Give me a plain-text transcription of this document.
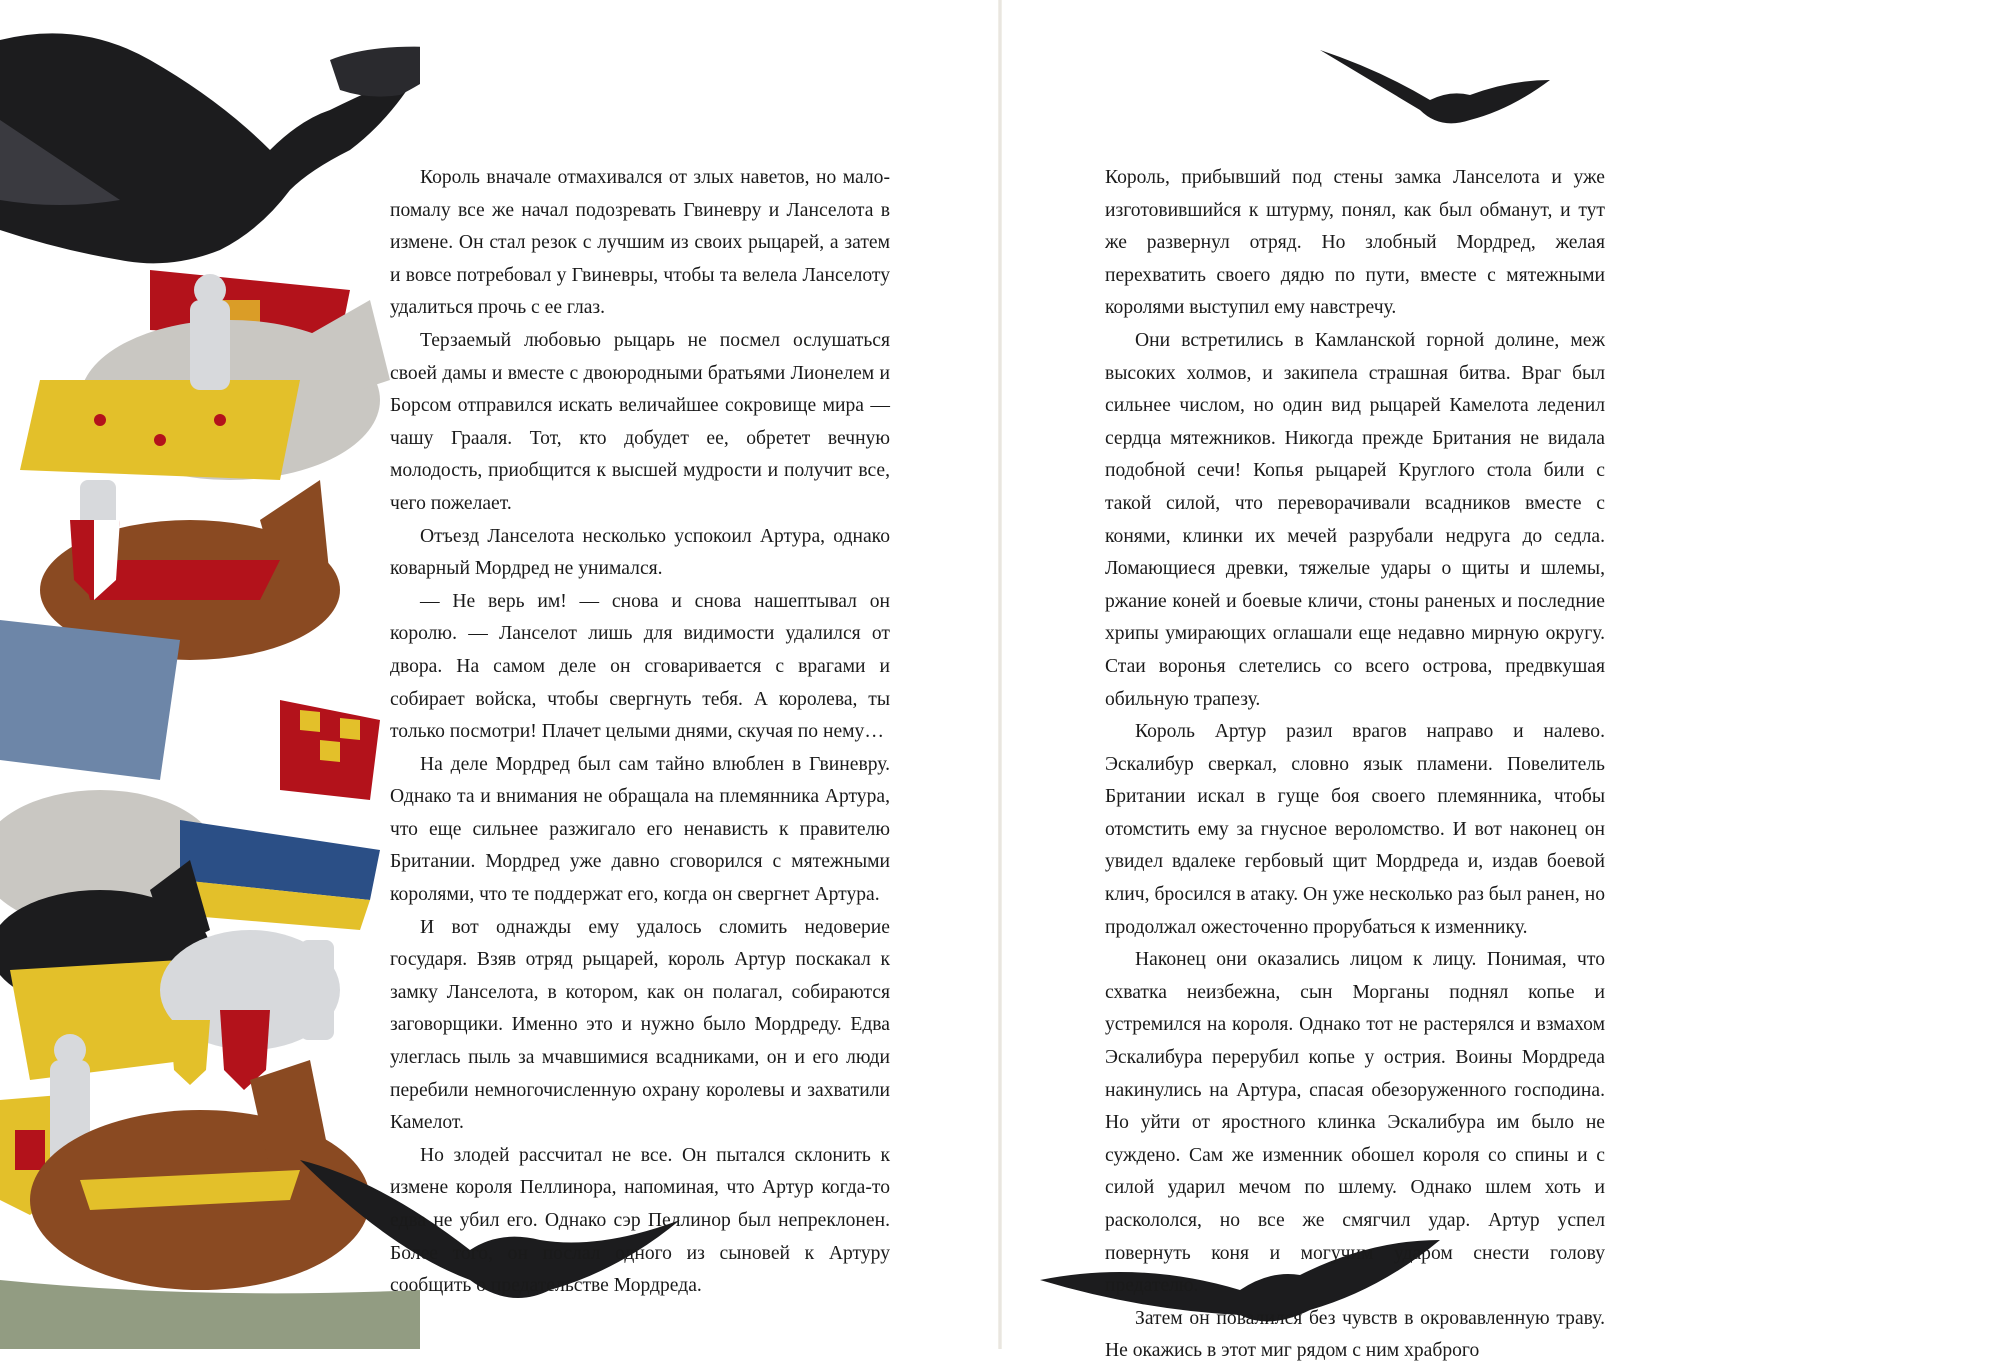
Король вначале отмахивался от злых наветов, но мало-помалу все же начал подозревать Гвиневру и Ланселота в измене. Он стал резок с лучшим из своих рыцарей, а затем и вовсе потребовал у Гвиневры, чтобы та велела Ланселоту удалиться прочь с ее глаз.

Терзаемый любовью рыцарь не посмел ослушаться своей дамы и вместе с двоюродными братьями Лионелем и Борсом отправился искать величайшее сокровище мира — чашу Грааля. Тот, кто добудет ее, обретет вечную молодость, приобщится к высшей мудрости и получит все, чего пожелает.

Отъезд Ланселота несколько успокоил Артура, однако коварный Мордред не унимался.

— Не верь им! — снова и снова нашептывал он королю. — Ланселот лишь для видимости удалился от двора. На самом деле он сговаривается с врагами и собирает войска, чтобы свергнуть тебя. А королева, ты только посмотри! Плачет целыми днями, скучая по нему…

На деле Мордред был сам тайно влюблен в Гвиневру. Однако та и внимания не обращала на племянника Артура, что еще сильнее разжигало его ненависть к правителю Британии. Мордред уже давно сговорился с мятежными королями, что те поддержат его, когда он свергнет Артура.

И вот однажды ему удалось сломить недоверие государя. Взяв отряд рыцарей, король Артур поскакал к замку Ланселота, в котором, как он полагал, собираются заговорщики. Именно это и нужно было Мордреду. Едва улеглась пыль за мчавшимися всадниками, он и его люди перебили немногочисленную охрану королевы и захватили Камелот.

Но злодей рассчитал не все. Он пытался склонить к измене короля Пеллинора, напоминая, что Артур когда-то едва не убил его. Однако сэр Пеллинор был непреклонен. Более того, он послал одного из сыновей к Артуру сообщить о предательстве Мордреда.

Король, прибывший под стены замка Ланселота и уже изготовившийся к штурму, понял, как был обманут, и тут же развернул отряд. Но злобный Мордред, желая перехватить своего дядю по пути, вместе с мятежными королями выступил ему навстречу.

Они встретились в Камланской горной долине, меж высоких холмов, и закипела страшная битва. Враг был сильнее числом, но один вид рыцарей Камелота леденил сердца мятежников. Никогда прежде Британия не видала подобной сечи! Копья рыцарей Круглого стола били с такой силой, что переворачивали всадников вместе с конями, клинки их мечей разрубали недруга до седла. Ломающиеся древки, тяжелые удары о щиты и шлемы, ржание коней и боевые кличи, стоны раненых и последние хрипы умирающих оглашали еще недавно мирную округу. Стаи воронья слетелись со всего острова, предвкушая обильную трапезу.

Король Артур разил врагов направо и налево. Эскалибур сверкал, словно язык пламени. Повелитель Британии искал в гуще боя своего племянника, чтобы отомстить ему за гнусное вероломство. И вот наконец он увидел вдалеке гербовый щит Мордреда и, издав боевой клич, бросился в атаку. Он уже несколько раз был ранен, но продолжал ожесточенно прорубаться к изменнику.

Наконец они оказались лицом к лицу. Понимая, что схватка неизбежна, сын Морганы поднял копье и устремился на короля. Однако тот не растерялся и взмахом Эскалибура перерубил копье у острия. Воины Мордреда накинулись на Артура, спасая обезоруженного господина. Но уйти от яростного клинка Эскалибура им было не суждено. Сам же изменник обошел короля со спины и с силой ударил мечом по шлему. Однако шлем хоть и раскололся, но все же смягчил удар. Артур успел повернуть коня и могучим ударом снести голову предателю.

Затем он повалился без чувств в окровавленную траву. Не окажись в этот миг рядом с ним храброго
